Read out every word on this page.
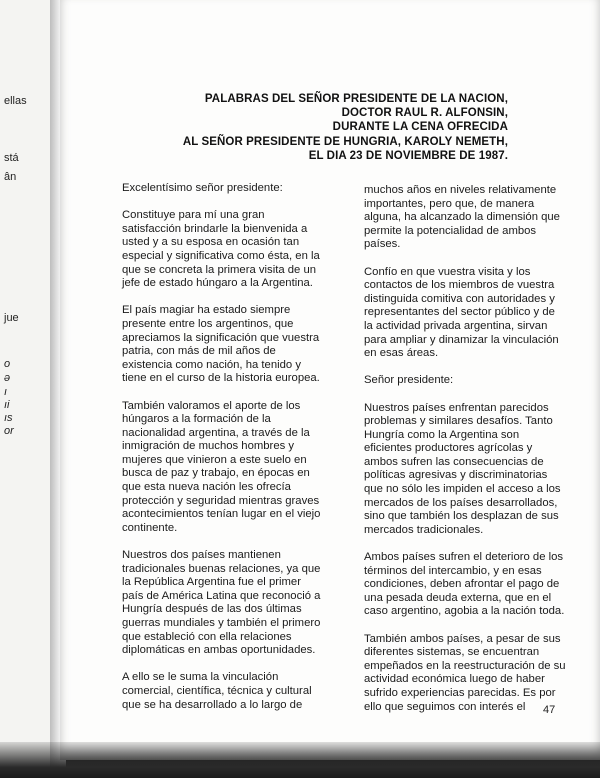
ellas
stá
ân
jue
o
ə
ı
ıi
ıs
or
PALABRAS DEL SEÑOR PRESIDENTE DE LA NACION,
DOCTOR RAUL R. ALFONSIN,
DURANTE LA CENA OFRECIDA
AL SEÑOR PRESIDENTE DE HUNGRIA, KAROLY NEMETH,
EL DIA 23 DE NOVIEMBRE DE 1987.

Excelentísimo señor presidente:

Constituye para mí una gran satisfacción brindarle la bienvenida a usted y a su esposa en ocasión tan especial y significativa como ésta, en la que se concreta la primera visita de un jefe de estado húngaro a la Argentina.

El país magiar ha estado siempre presente entre los argentinos, que apreciamos la significación que vuestra patria, con más de mil años de existencia como nación, ha tenido y tiene en el curso de la historia europea.

También valoramos el aporte de los húngaros a la formación de la nacionalidad argentina, a través de la inmigración de muchos hombres y mujeres que vinieron a este suelo en busca de paz y trabajo, en épocas en que esta nueva nación les ofrecía protección y seguridad mientras graves acontecimientos tenían lugar en el viejo continente.

Nuestros dos países mantienen tradicionales buenas relaciones, ya que la República Argentina fue el primer país de América Latina que reconoció a Hungría después de las dos últimas guerras mundiales y también el primero que estableció con ella relaciones diplomáticas en ambas oportunidades.

A ello se le suma la vinculación comercial, científica, técnica y cultural que se ha desarrollado a lo largo de

muchos años en niveles relativamente importantes, pero que, de manera alguna, ha alcanzado la dimensión que permite la potencialidad de ambos países.

Confío en que vuestra visita y los contactos de los miembros de vuestra distinguida comitiva con autoridades y representantes del sector público y de la actividad privada argentina, sirvan para ampliar y dinamizar la vinculación en esas áreas.

Señor presidente:

Nuestros países enfrentan parecidos problemas y similares desafíos. Tanto Hungría como la Argentina son eficientes productores agrícolas y ambos sufren las consecuencias de políticas agresivas y discriminatorias que no sólo les impiden el acceso a los mercados de los países desarrollados, sino que también los desplazan de sus mercados tradicionales.

Ambos países sufren el deterioro de los términos del intercambio, y en esas condiciones, deben afrontar el pago de una pesada deuda externa, que en el caso argentino, agobia a la nación toda.

También ambos países, a pesar de sus diferentes sistemas, se encuentran empeñados en la reestructuración de su actividad económica luego de haber sufrido experiencias parecidas. Es por ello que seguimos con interés el	47
